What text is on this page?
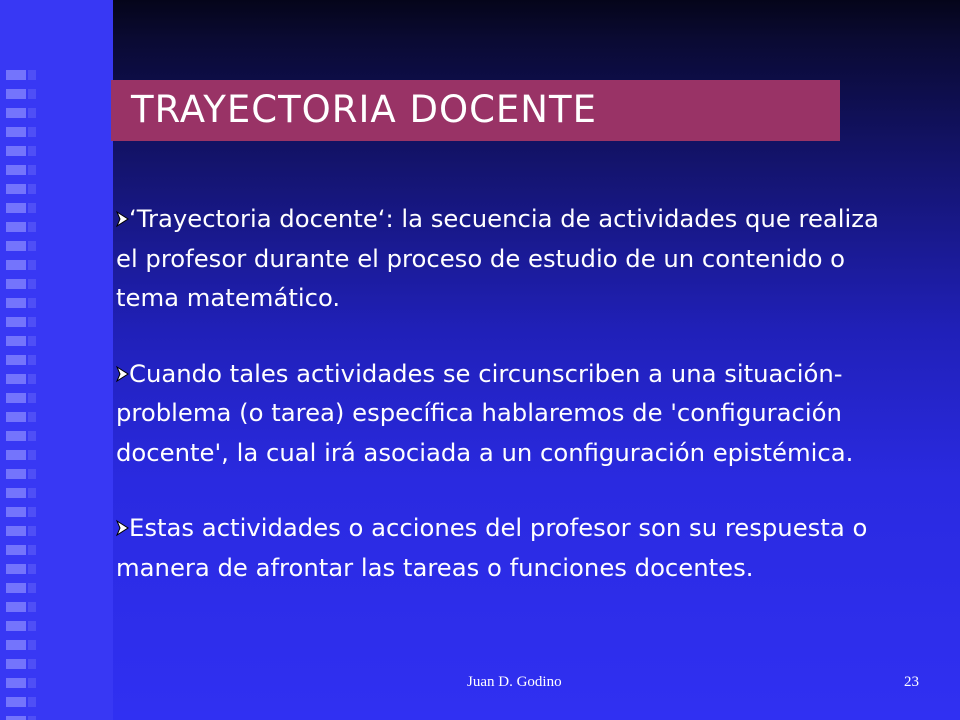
TRAYECTORIA DOCENTE
‘Trayectoria docente‘: la secuencia de actividades que realiza el profesor durante el proceso de estudio de un contenido o tema matemático.
Cuando tales actividades se circunscriben a una situación-problema (o tarea) específica hablaremos de 'configuración docente', la cual irá asociada a un configuración epistémica.
Estas actividades o acciones del profesor son su respuesta o manera de afrontar las tareas o funciones docentes.
Juan D. Godino	23
